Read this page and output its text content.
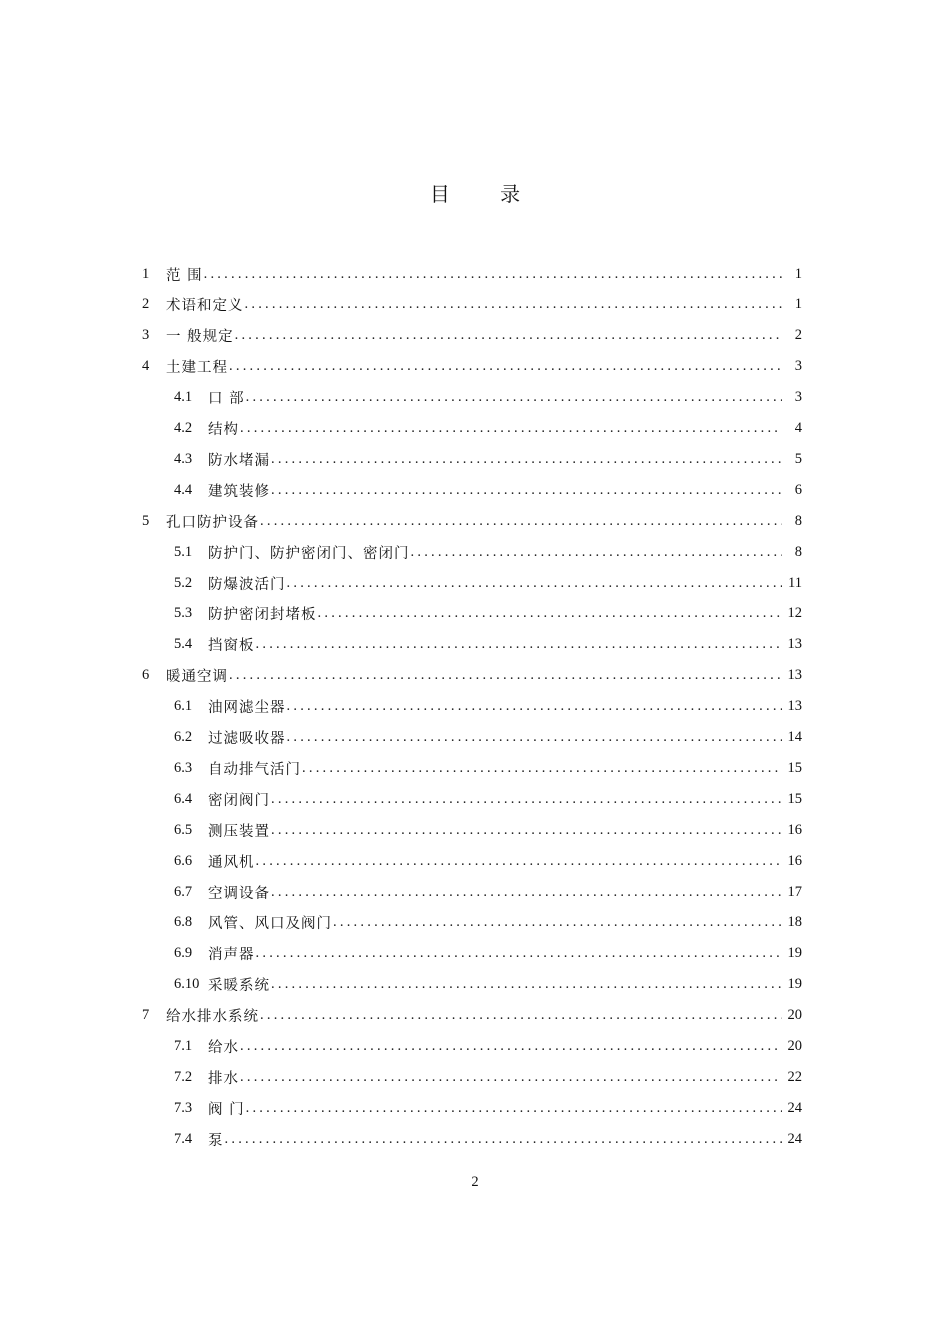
目 录
1	范 围 . . .	1
2	术语和定义 . . .	1
3	一 般规定 . . .	2
4	土建工程 . . .	3
4.1	口 部 . . .	3
4.2	结构 . . .	4
4.3	防水堵漏 . . .	5
4.4	建筑装修 . . .	6
5	孔口防护设备 . . .	8
5.1	防护门、防护密闭门、密闭门 . . .	8
5.2	防爆波活门 . . .	11
5.3	防护密闭封堵板 . . .	12
5.4	挡窗板 . . .	13
6	暖通空调 . . .	13
6.1	油网滤尘器 . . .	13
6.2	过滤吸收器 . . .	14
6.3	自动排气活门 . . .	15
6.4	密闭阀门 . . .	15
6.5	测压装置 . . .	16
6.6	通风机 . . .	16
6.7	空调设备 . . .	17
6.8	风管、风口及阀门 . . .	18
6.9	消声器 . . .	19
6.10 采暖系统 . . .	19
7	给水排水系统 . . .	20
7.1	给水 . . .	20
7.2	排水 . . .	22
7.3	阀 门 . . .	24
7.4	泵 . . .	24
2
